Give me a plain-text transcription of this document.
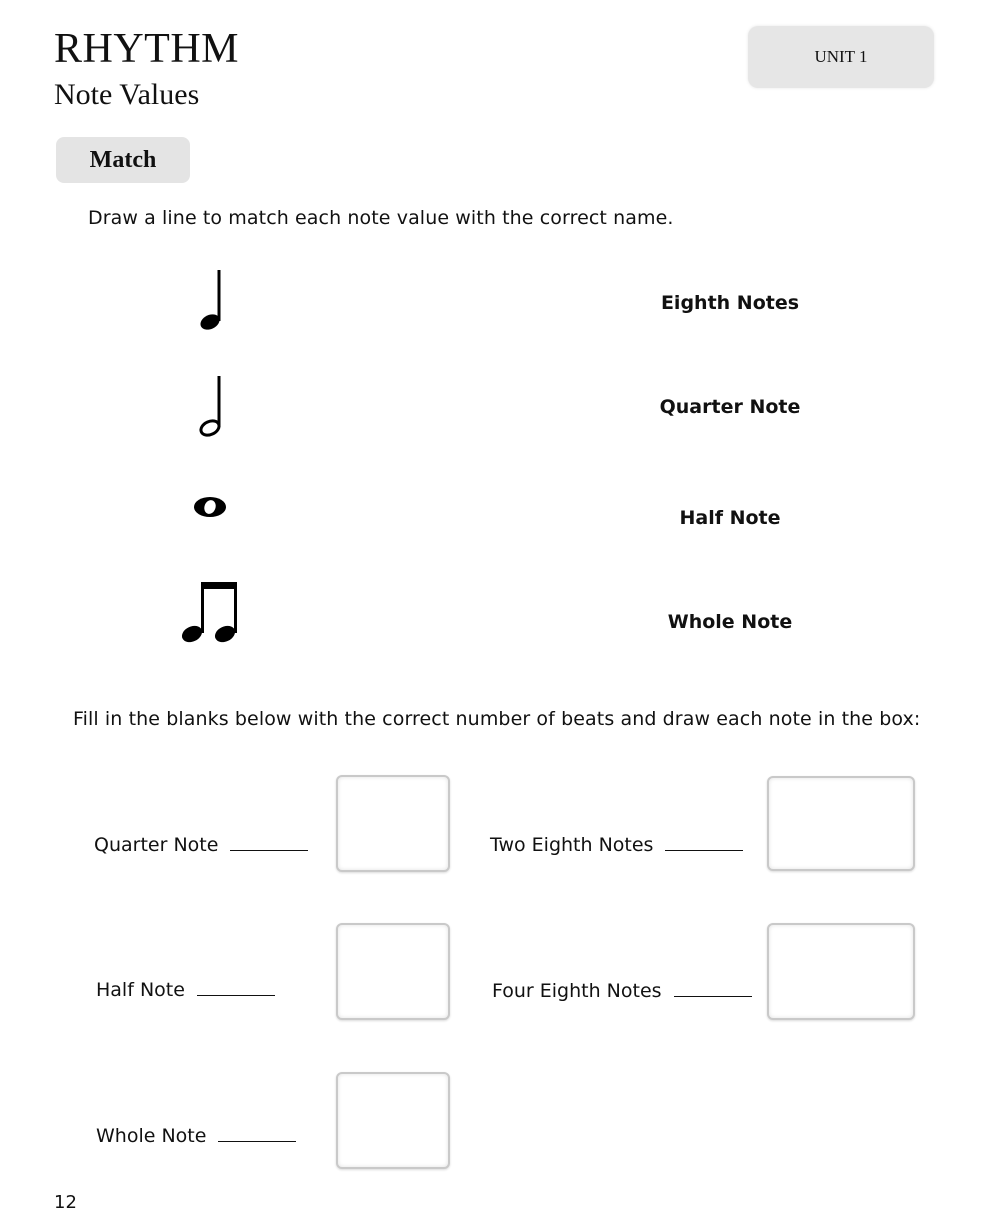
RHYTHM
Note Values
UNIT 1
Match
Draw a line to match each note value with the correct name.
Eighth Notes
Quarter Note
Half Note
Whole Note
Fill in the blanks below with the correct number of beats and draw each note in the box:
Quarter Note	Two Eighth Notes
Half Note	Four Eighth Notes
Whole Note
12
